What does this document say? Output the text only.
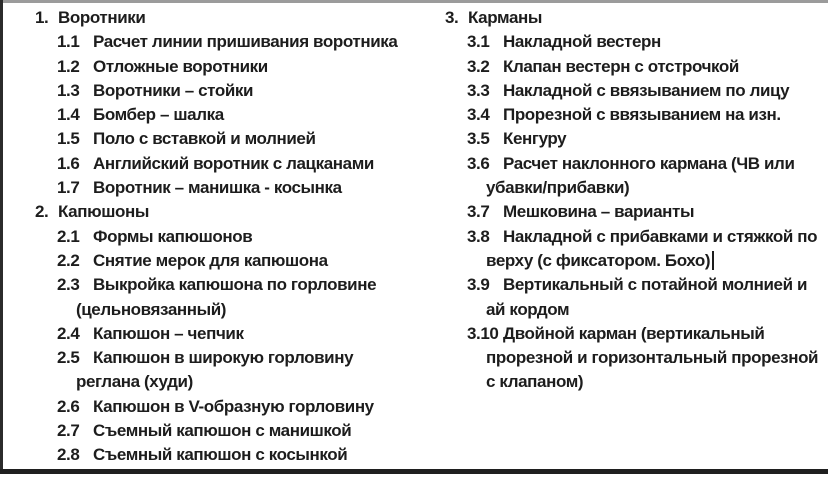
1. Воротники
1.1 Расчет линии пришивания воротника
1.2 Отложные воротники
1.3 Воротники – стойки
1.4 Бомбер – шалка
1.5 Поло с вставкой и молнией
1.6 Английский воротник с лацканами
1.7 Воротник – манишка - косынка
2. Капюшоны
2.1 Формы капюшонов
2.2 Снятие мерок для капюшона
2.3 Выкройка капюшона по горловине
(цельновязанный)
2.4 Капюшон – чепчик
2.5 Капюшон в широкую горловину
реглана (худи)
2.6 Капюшон в V-образную горловину
2.7 Съемный капюшон с манишкой
2.8 Съемный капюшон с косынкой
3. Карманы
3.1 Накладной вестерн
3.2 Клапан вестерн с отстрочкой
3.3 Накладной с ввязыванием по лицу
3.4 Прорезной с ввязыванием на изн.
3.5 Кенгуру
3.6 Расчет наклонного кармана (ЧВ или
убавки/прибавки)
3.7 Мешковина – варианты
3.8 Накладной с прибавками и стяжкой по
верху (с фиксатором. Бохо)
3.9 Вертикальный с потайной молнией и
ай кордом
3.10 Двойной карман (вертикальный
прорезной и горизонтальный прорезной
с клапаном)
